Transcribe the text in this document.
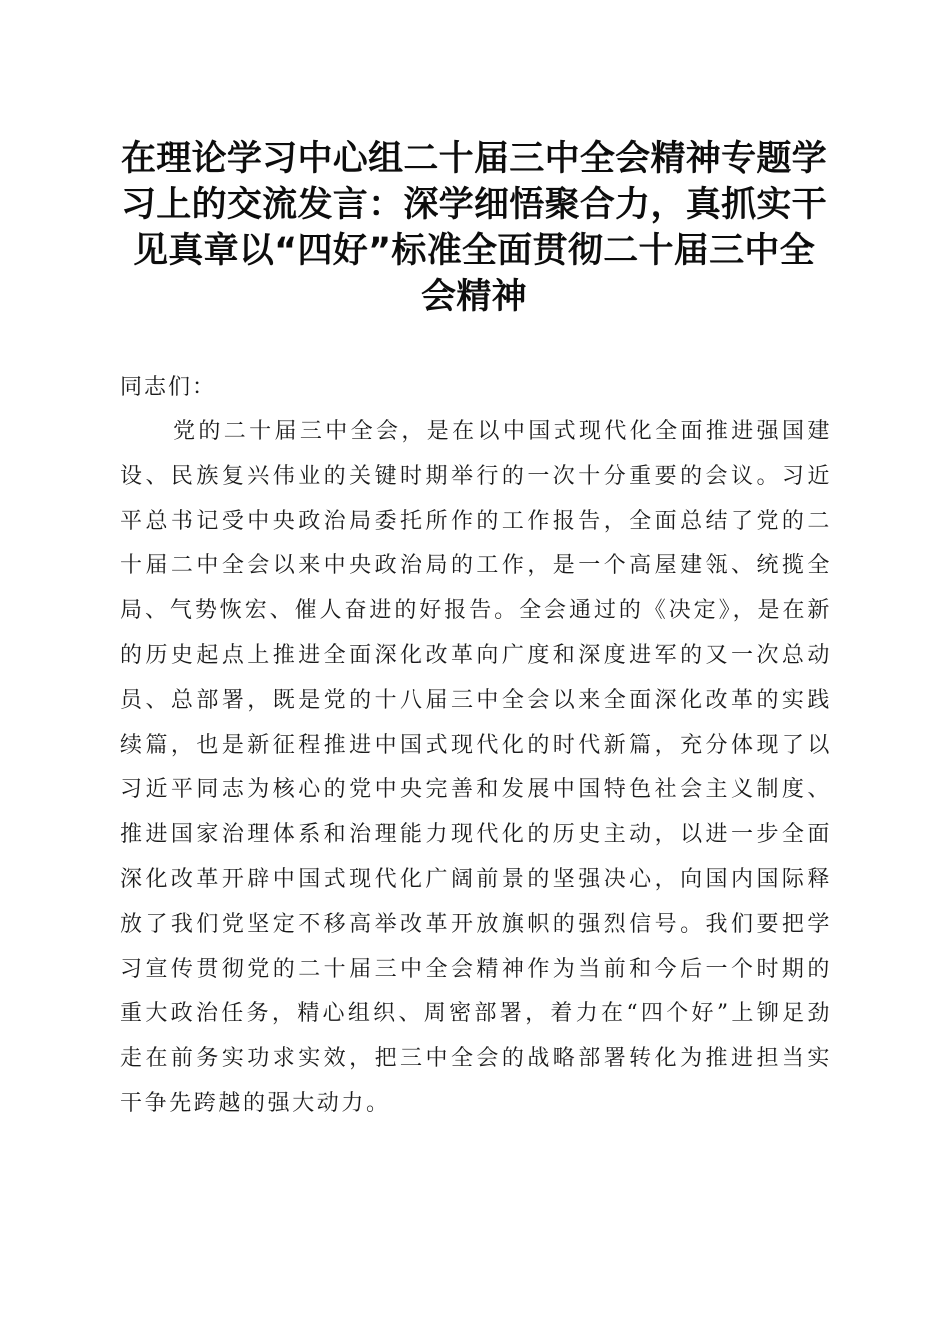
在理论学习中心组二十届三中全会精神专题学习上的交流发言：深学细悟聚合力，真抓实干见真章以“四好”标准全面贯彻二十届三中全会精神

同志们：

党的二十届三中全会，是在以中国式现代化全面推进强国建设、民族复兴伟业的关键时期举行的一次十分重要的会议。习近平总书记受中央政治局委托所作的工作报告，全面总结了党的二十届二中全会以来中央政治局的工作，是一个高屋建瓴、统揽全局、气势恢宏、催人奋进的好报告。全会通过的《决定》，是在新的历史起点上推进全面深化改革向广度和深度进军的又一次总动员、总部署，既是党的十八届三中全会以来全面深化改革的实践续篇，也是新征程推进中国式现代化的时代新篇，充分体现了以习近平同志为核心的党中央完善和发展中国特色社会主义制度、推进国家治理体系和治理能力现代化的历史主动，以进一步全面深化改革开辟中国式现代化广阔前景的坚强决心，向国内国际释放了我们党坚定不移高举改革开放旗帜的强烈信号。我们要把学习宣传贯彻党的二十届三中全会精神作为当前和今后一个时期的重大政治任务，精心组织、周密部署，着力在“四个好”上铆足劲走在前务实功求实效，把三中全会的战略部署转化为推进担当实干争先跨越的强大动力。
